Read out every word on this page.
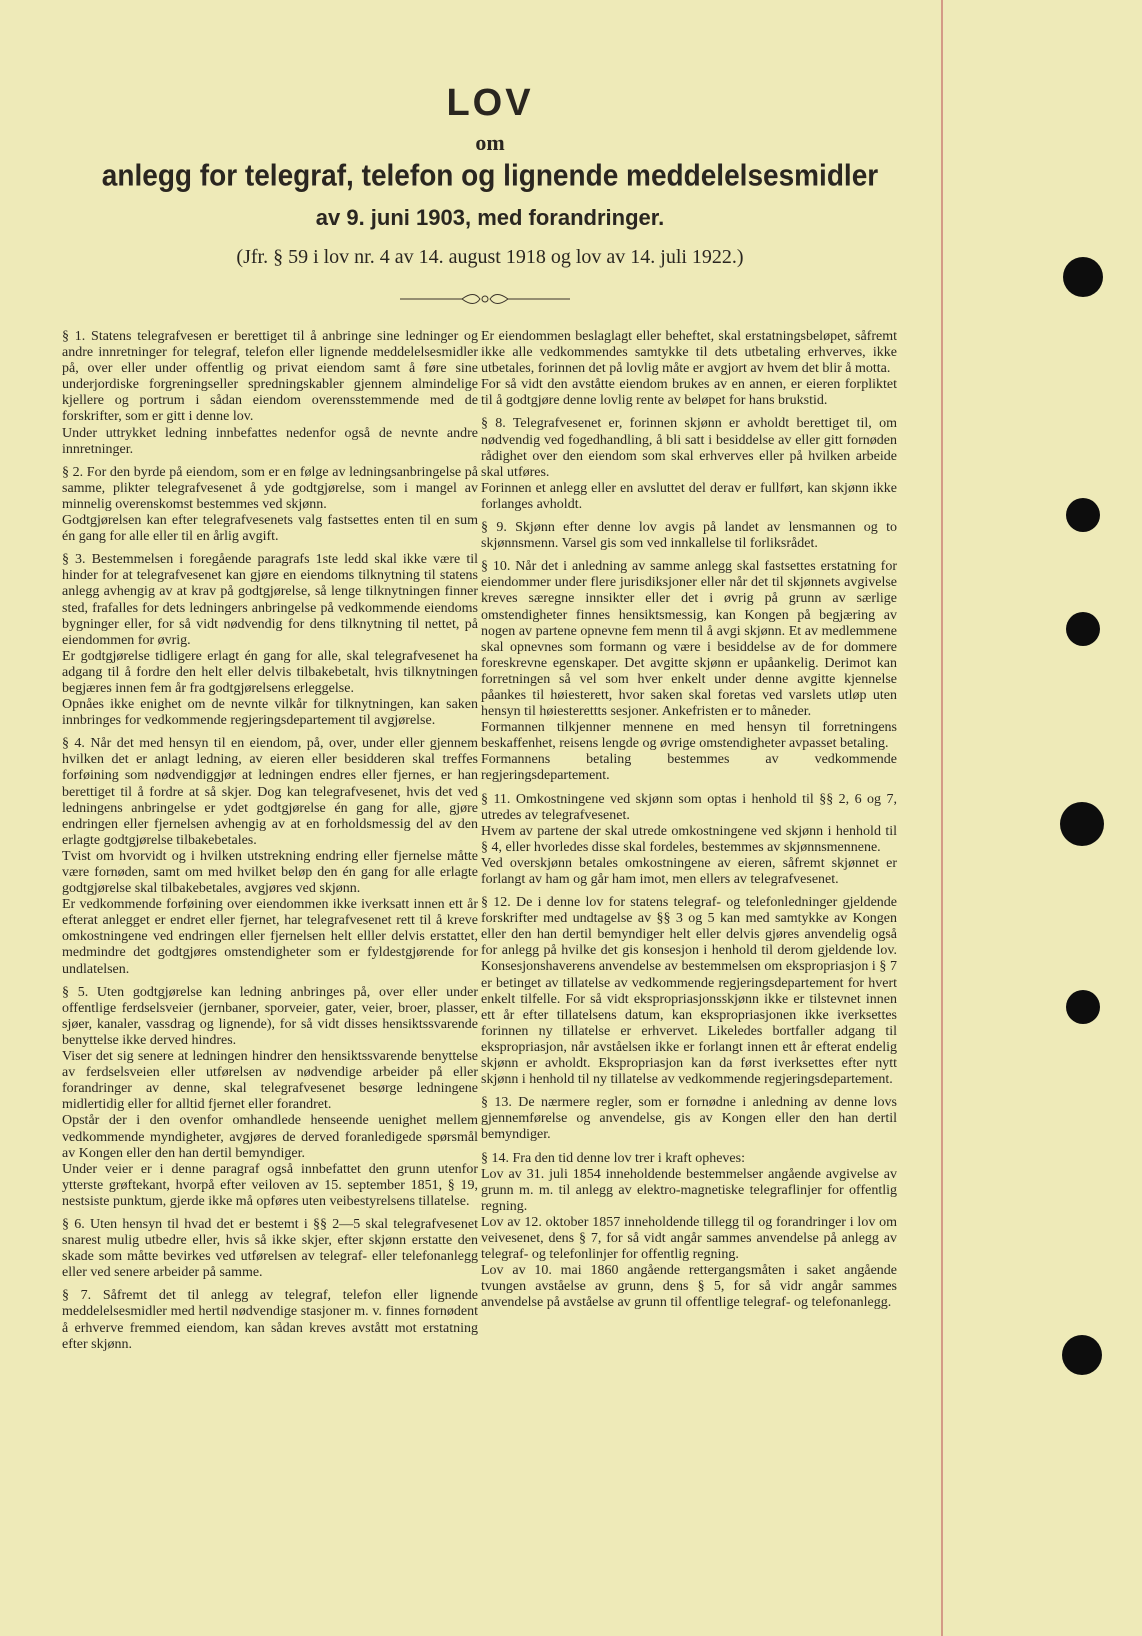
LOV
om
anlegg for telegraf, telefon og lignende meddelelsesmidler
av 9. juni 1903, med forandringer.
(Jfr. § 59 i lov nr. 4 av 14. august 1918 og lov av 14. juli 1922.)

§ 1. Statens telegrafvesen er berettiget til å anbringe sine ledninger og andre innretninger for telegraf, telefon eller lignende meddelelsesmidler på, over eller under offentlig og privat eiendom samt å føre sine underjordiske forgreningseller spredningskabler gjennem almindelige kjellere og portrum i sådan eiendom overensstemmende med de forskrifter, som er gitt i denne lov.

Under uttrykket ledning innbefattes nedenfor også de nevnte andre innretninger.

§ 2. For den byrde på eiendom, som er en følge av ledningsanbringelse på samme, plikter telegrafvesenet å yde godtgjørelse, som i mangel av minnelig overenskomst bestemmes ved skjønn.

Godtgjørelsen kan efter telegrafvesenets valg fastsettes enten til en sum én gang for alle eller til en årlig avgift.

§ 3. Bestemmelsen i foregående paragrafs 1ste ledd skal ikke være til hinder for at telegrafvesenet kan gjøre en eiendoms tilknytning til statens anlegg avhengig av at krav på godtgjørelse, så lenge tilknytningen finner sted, frafalles for dets ledningers anbringelse på vedkommende eiendoms bygninger eller, for så vidt nødvendig for dens tilknytning til nettet, på eiendommen for øvrig.

Er godtgjørelse tidligere erlagt én gang for alle, skal telegrafvesenet ha adgang til å fordre den helt eller delvis tilbakebetalt, hvis tilknytningen begjæres innen fem år fra godtgjørelsens erleggelse.

Opnåes ikke enighet om de nevnte vilkår for tilknytningen, kan saken innbringes for vedkommende regjeringsdepartement til avgjørelse.

§ 4. Når det med hensyn til en eiendom, på, over, under eller gjennem hvilken det er anlagt ledning, av eieren eller besidderen skal treffes forføining som nødvendiggjør at ledningen endres eller fjernes, er han berettiget til å fordre at så skjer. Dog kan telegrafvesenet, hvis det ved ledningens anbringelse er ydet godtgjørelse én gang for alle, gjøre endringen eller fjernelsen avhengig av at en forholdsmessig del av den erlagte godtgjørelse tilbakebetales.

Tvist om hvorvidt og i hvilken utstrekning endring eller fjernelse måtte være fornøden, samt om med hvilket beløp den én gang for alle erlagte godtgjørelse skal tilbakebetales, avgjøres ved skjønn.

Er vedkommende forføining over eiendommen ikke iverksatt innen ett år efterat anlegget er endret eller fjernet, har telegrafvesenet rett til å kreve omkostningene ved endringen eller fjernelsen helt elller delvis erstattet, medmindre det godtgjøres omstendigheter som er fyldestgjørende for undlatelsen.

§ 5. Uten godtgjørelse kan ledning anbringes på, over eller under offentlige ferdselsveier (jernbaner, sporveier, gater, veier, broer, plasser, sjøer, kanaler, vassdrag og lignende), for så vidt disses hensiktssvarende benyttelse ikke derved hindres.

Viser det sig senere at ledningen hindrer den hensiktssvarende benyttelse av ferdselsveien eller utførelsen av nødvendige arbeider på eller forandringer av denne, skal telegrafvesenet besørge ledningene midlertidig eller for alltid fjernet eller forandret.

Opstår der i den ovenfor omhandlede henseende uenighet mellem vedkommende myndigheter, avgjøres de derved foranledigede spørsmål av Kongen eller den han dertil bemyndiger.

Under veier er i denne paragraf også innbefattet den grunn utenfor ytterste grøftekant, hvorpå efter veiloven av 15. september 1851, § 19, nestsiste punktum, gjerde ikke må opføres uten veibestyrelsens tillatelse.

§ 6. Uten hensyn til hvad det er bestemt i §§ 2—5 skal telegrafvesenet snarest mulig utbedre eller, hvis så ikke skjer, efter skjønn erstatte den skade som måtte bevirkes ved utførelsen av telegraf- eller telefonanlegg eller ved senere arbeider på samme.

§ 7. Såfremt det til anlegg av telegraf, telefon eller lignende meddelelsesmidler med hertil nødvendige stasjoner m. v. finnes fornødent å erhverve fremmed eiendom, kan sådan kreves avstått mot erstatning efter skjønn.

Er eiendommen beslaglagt eller beheftet, skal erstatningsbeløpet, såfremt ikke alle vedkommendes samtykke til dets utbetaling erhverves, ikke utbetales, forinnen det på lovlig måte er avgjort av hvem det blir å motta.

For så vidt den avståtte eiendom brukes av en annen, er eieren forpliktet til å godtgjøre denne lovlig rente av beløpet for hans brukstid.

§ 8. Telegrafvesenet er, forinnen skjønn er avholdt berettiget til, om nødvendig ved fogedhandling, å bli satt i besiddelse av eller gitt fornøden rådighet over den eiendom som skal erhverves eller på hvilken arbeide skal utføres.

Forinnen et anlegg eller en avsluttet del derav er fullført, kan skjønn ikke forlanges avholdt.

§ 9. Skjønn efter denne lov avgis på landet av lensmannen og to skjønnsmenn. Varsel gis som ved innkallelse til forliksrådet.

§ 10. Når det i anledning av samme anlegg skal fastsettes erstatning for eiendommer under flere jurisdiksjoner eller når det til skjønnets avgivelse kreves særegne innsikter eller det i øvrig på grunn av særlige omstendigheter finnes hensiktsmessig, kan Kongen på begjæring av nogen av partene opnevne fem menn til å avgi skjønn. Et av medlemmene skal opnevnes som formann og være i besiddelse av de for dommere foreskrevne egenskaper. Det avgitte skjønn er upåankelig. Derimot kan forretningen så vel som hver enkelt under denne avgitte kjennelse påankes til høiesterett, hvor saken skal foretas ved varslets utløp uten hensyn til høiesterettts sesjoner. Ankefristen er to måneder.

Formannen tilkjenner mennene en med hensyn til forretningens beskaffenhet, reisens lengde og øvrige omstendigheter avpasset betaling.

Formannens betaling bestemmes av vedkommende regjeringsdepartement.

§ 11. Omkostningene ved skjønn som optas i henhold til §§ 2, 6 og 7, utredes av telegrafvesenet.

Hvem av partene der skal utrede omkostningene ved skjønn i henhold til § 4, eller hvorledes disse skal fordeles, bestemmes av skjønnsmennene.

Ved overskjønn betales omkostningene av eieren, såfremt skjønnet er forlangt av ham og går ham imot, men ellers av telegrafvesenet.

§ 12. De i denne lov for statens telegraf- og telefonledninger gjeldende forskrifter med undtagelse av §§ 3 og 5 kan med samtykke av Kongen eller den han dertil bemyndiger helt eller delvis gjøres anvendelig også for anlegg på hvilke det gis konsesjon i henhold til derom gjeldende lov. Konsesjonshaverens anvendelse av bestemmelsen om ekspropriasjon i § 7 er betinget av tillatelse av vedkommende regjeringsdepartement for hvert enkelt tilfelle. For så vidt ekspropriasjonsskjønn ikke er tilstevnet innen ett år efter tillatelsens datum, kan ekspropriasjonen ikke iverksettes forinnen ny tillatelse er erhvervet. Likeledes bortfaller adgang til ekspropriasjon, når avståelsen ikke er forlangt innen ett år efterat endelig skjønn er avholdt. Ekspropriasjon kan da først iverksettes efter nytt skjønn i henhold til ny tillatelse av vedkommende regjeringsdepartement.

§ 13. De nærmere regler, som er fornødne i anledning av denne lovs gjennemførelse og anvendelse, gis av Kongen eller den han dertil bemyndiger.

§ 14. Fra den tid denne lov trer i kraft opheves:

Lov av 31. juli 1854 inneholdende bestemmelser angående avgivelse av grunn m. m. til anlegg av elektro-magnetiske telegraflinjer for offentlig regning.

Lov av 12. oktober 1857 inneholdende tillegg til og forandringer i lov om veivesenet, dens § 7, for så vidt angår sammes anvendelse på anlegg av telegraf- og telefonlinjer for offentlig regning.

Lov av 10. mai 1860 angående rettergangsmåten i saket angående tvungen avståelse av grunn, dens § 5, for så vidr angår sammes anvendelse på avståelse av grunn til offentlige telegraf- og telefonanlegg.
